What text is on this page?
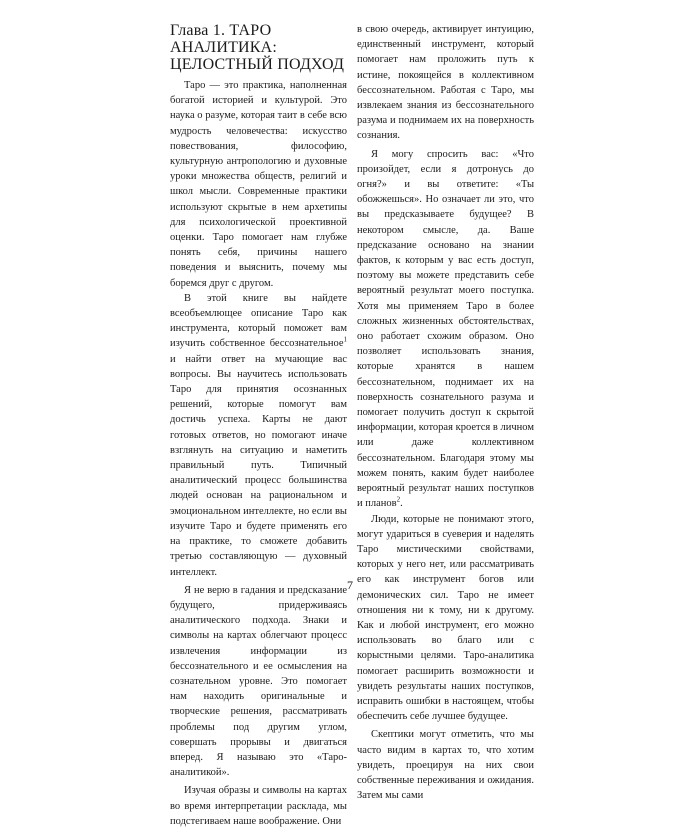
Глава 1. ТАРО АНАЛИТИКА: ЦЕЛОСТНЫЙ ПОДХОД

Таро — это практика, наполненная богатой историей и культурой. Это наука о разуме, которая таит в себе всю мудрость человечества: искусство повествования, философию, культурную антропологию и духовные уроки множества обществ, религий и школ мысли. Современные практики используют скрытые в нем архетипы для психологической проективной оценки. Таро помогает нам глубже понять себя, причины нашего поведения и выяснить, почему мы боремся друг с другом.

В этой книге вы найдете всеобъемлющее описание Таро как инструмента, который поможет вам изучить собственное бессознательное$^1$ и найти ответ на мучающие вас вопросы. Вы научитесь использовать Таро для принятия осознанных решений, которые помогут вам достичь успеха. Карты не дают готовых ответов, но помогают иначе взглянуть на ситуацию и наметить правильный путь. Типичный аналитический процесс большинства людей основан на рациональном и эмоциональном интеллекте, но если вы изучите Таро и будете применять его на практике, то сможете добавить третью составляющую — духовный интеллект.

Я не верю в гадания и предсказание будущего, придерживаясь аналитического подхода. Знаки и символы на картах облегчают процесс извлечения информации из бессознательного и ее осмысления на сознательном уровне. Это помогает нам находить оригинальные и творческие решения, рассматривать проблемы под другим углом, совершать прорывы и двигаться вперед. Я называю это «Таро-аналитикой».

Изучая образы и символы на картах во время интерпретации расклада, мы подстегиваем наше воображение. Они

в свою очередь, активирует интуицию, единственный инструмент, который помогает нам проложить путь к истине, покоящейся в коллективном бессознательном. Работая с Таро, мы извлекаем знания из бессознательного разума и поднимаем их на поверхность сознания.

Я могу спросить вас: «Что произойдет, если я дотронусь до огня?» и вы ответите: «Ты обожжешься». Но означает ли это, что вы предсказываете будущее? В некотором смысле, да. Ваше предсказание основано на знании фактов, к которым у вас есть доступ, поэтому вы можете представить себе вероятный результат моего поступка. Хотя мы применяем Таро в более сложных жизненных обстоятельствах, оно работает схожим образом. Оно позволяет использовать знания, которые хранятся в нашем бессознательном, поднимает их на поверхность сознательного разума и помогает получить доступ к скрытой информации, которая кроется в личном или даже коллективном бессознательном. Благодаря этому мы можем понять, каким будет наиболее вероятный результат наших поступков и планов$^2$.

Люди, которые не понимают этого, могут удариться в суеверия и наделять Таро мистическими свойствами, которых у него нет, или рассматривать его как инструмент богов или демонических сил. Таро не имеет отношения ни к тому, ни к другому. Как и любой инструмент, его можно использовать во благо или с корыстными целями. Таро-аналитика помогает расширить возможности и увидеть результаты наших поступков, исправить ошибки в настоящем, чтобы обеспечить себе лучшее будущее.

Скептики могут отметить, что мы часто видим в картах то, что хотим увидеть, проецируя на них свои собственные переживания и ожидания. Затем мы сами

7
